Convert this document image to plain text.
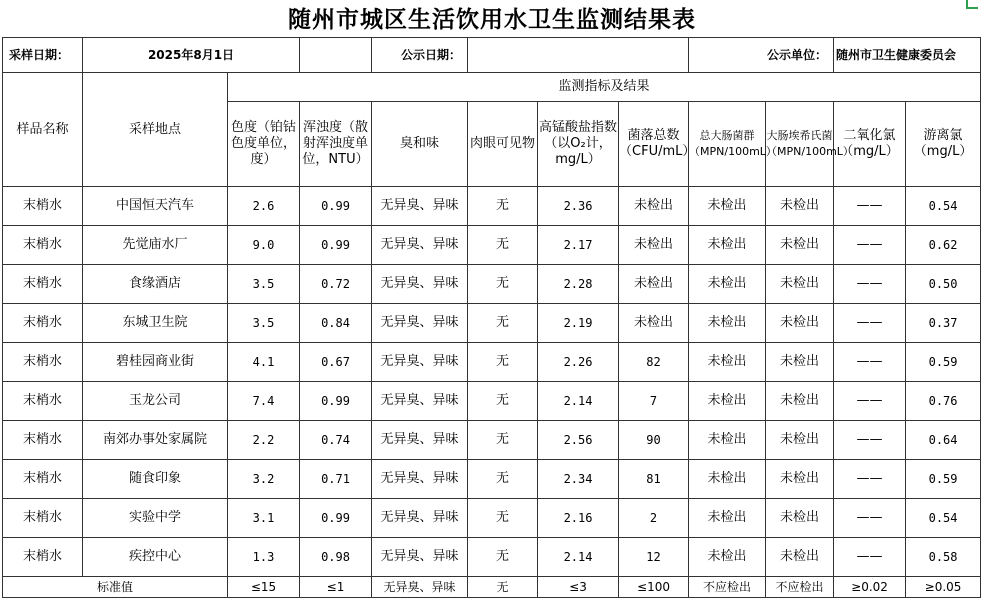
随州市城区生活饮用水卫生监测结果表
采样日期：	2025年8月1日			公示日期：				公示单位：		随州市卫生健康委员会	
样品名称	采样地点	监测指标及结果									
		色度（铂钴色度单位，度）	浑浊度（散射浑浊度单位，NTU）	臭和味	肉眼可见物	高锰酸盐指数（以O₂计，mg/L）	菌落总数（CFU/mL）	总大肠菌群（MPN/100mL）	大肠埃希氏菌（MPN/100mL）	二氧化氯（mg/L）	游离氯（mg/L）
末梢水	中国恒天汽车	2.6	0.99	无异臭、异味	无	2.36	未检出	未检出	未检出	——	0.54
末梢水	先觉庙水厂	9.0	0.99	无异臭、异味	无	2.17	未检出	未检出	未检出	——	0.62
末梢水	食缘酒店	3.5	0.72	无异臭、异味	无	2.28	未检出	未检出	未检出	——	0.50
末梢水	东城卫生院	3.5	0.84	无异臭、异味	无	2.19	未检出	未检出	未检出	——	0.37
末梢水	碧桂园商业街	4.1	0.67	无异臭、异味	无	2.26	82	未检出	未检出	——	0.59
末梢水	玉龙公司	7.4	0.99	无异臭、异味	无	2.14	7	未检出	未检出	——	0.76
末梢水	南郊办事处家属院	2.2	0.74	无异臭、异味	无	2.56	90	未检出	未检出	——	0.64
末梢水	随食印象	3.2	0.71	无异臭、异味	无	2.34	81	未检出	未检出	——	0.59
末梢水	实验中学	3.1	0.99	无异臭、异味	无	2.16	2	未检出	未检出	——	0.54
末梢水	疾控中心	1.3	0.98	无异臭、异味	无	2.14	12	未检出	未检出	——	0.58
标准值		≤15	≤1	无异臭、异味	无	≤3	≤100	不应检出	不应检出	≥0.02	≥0.05
